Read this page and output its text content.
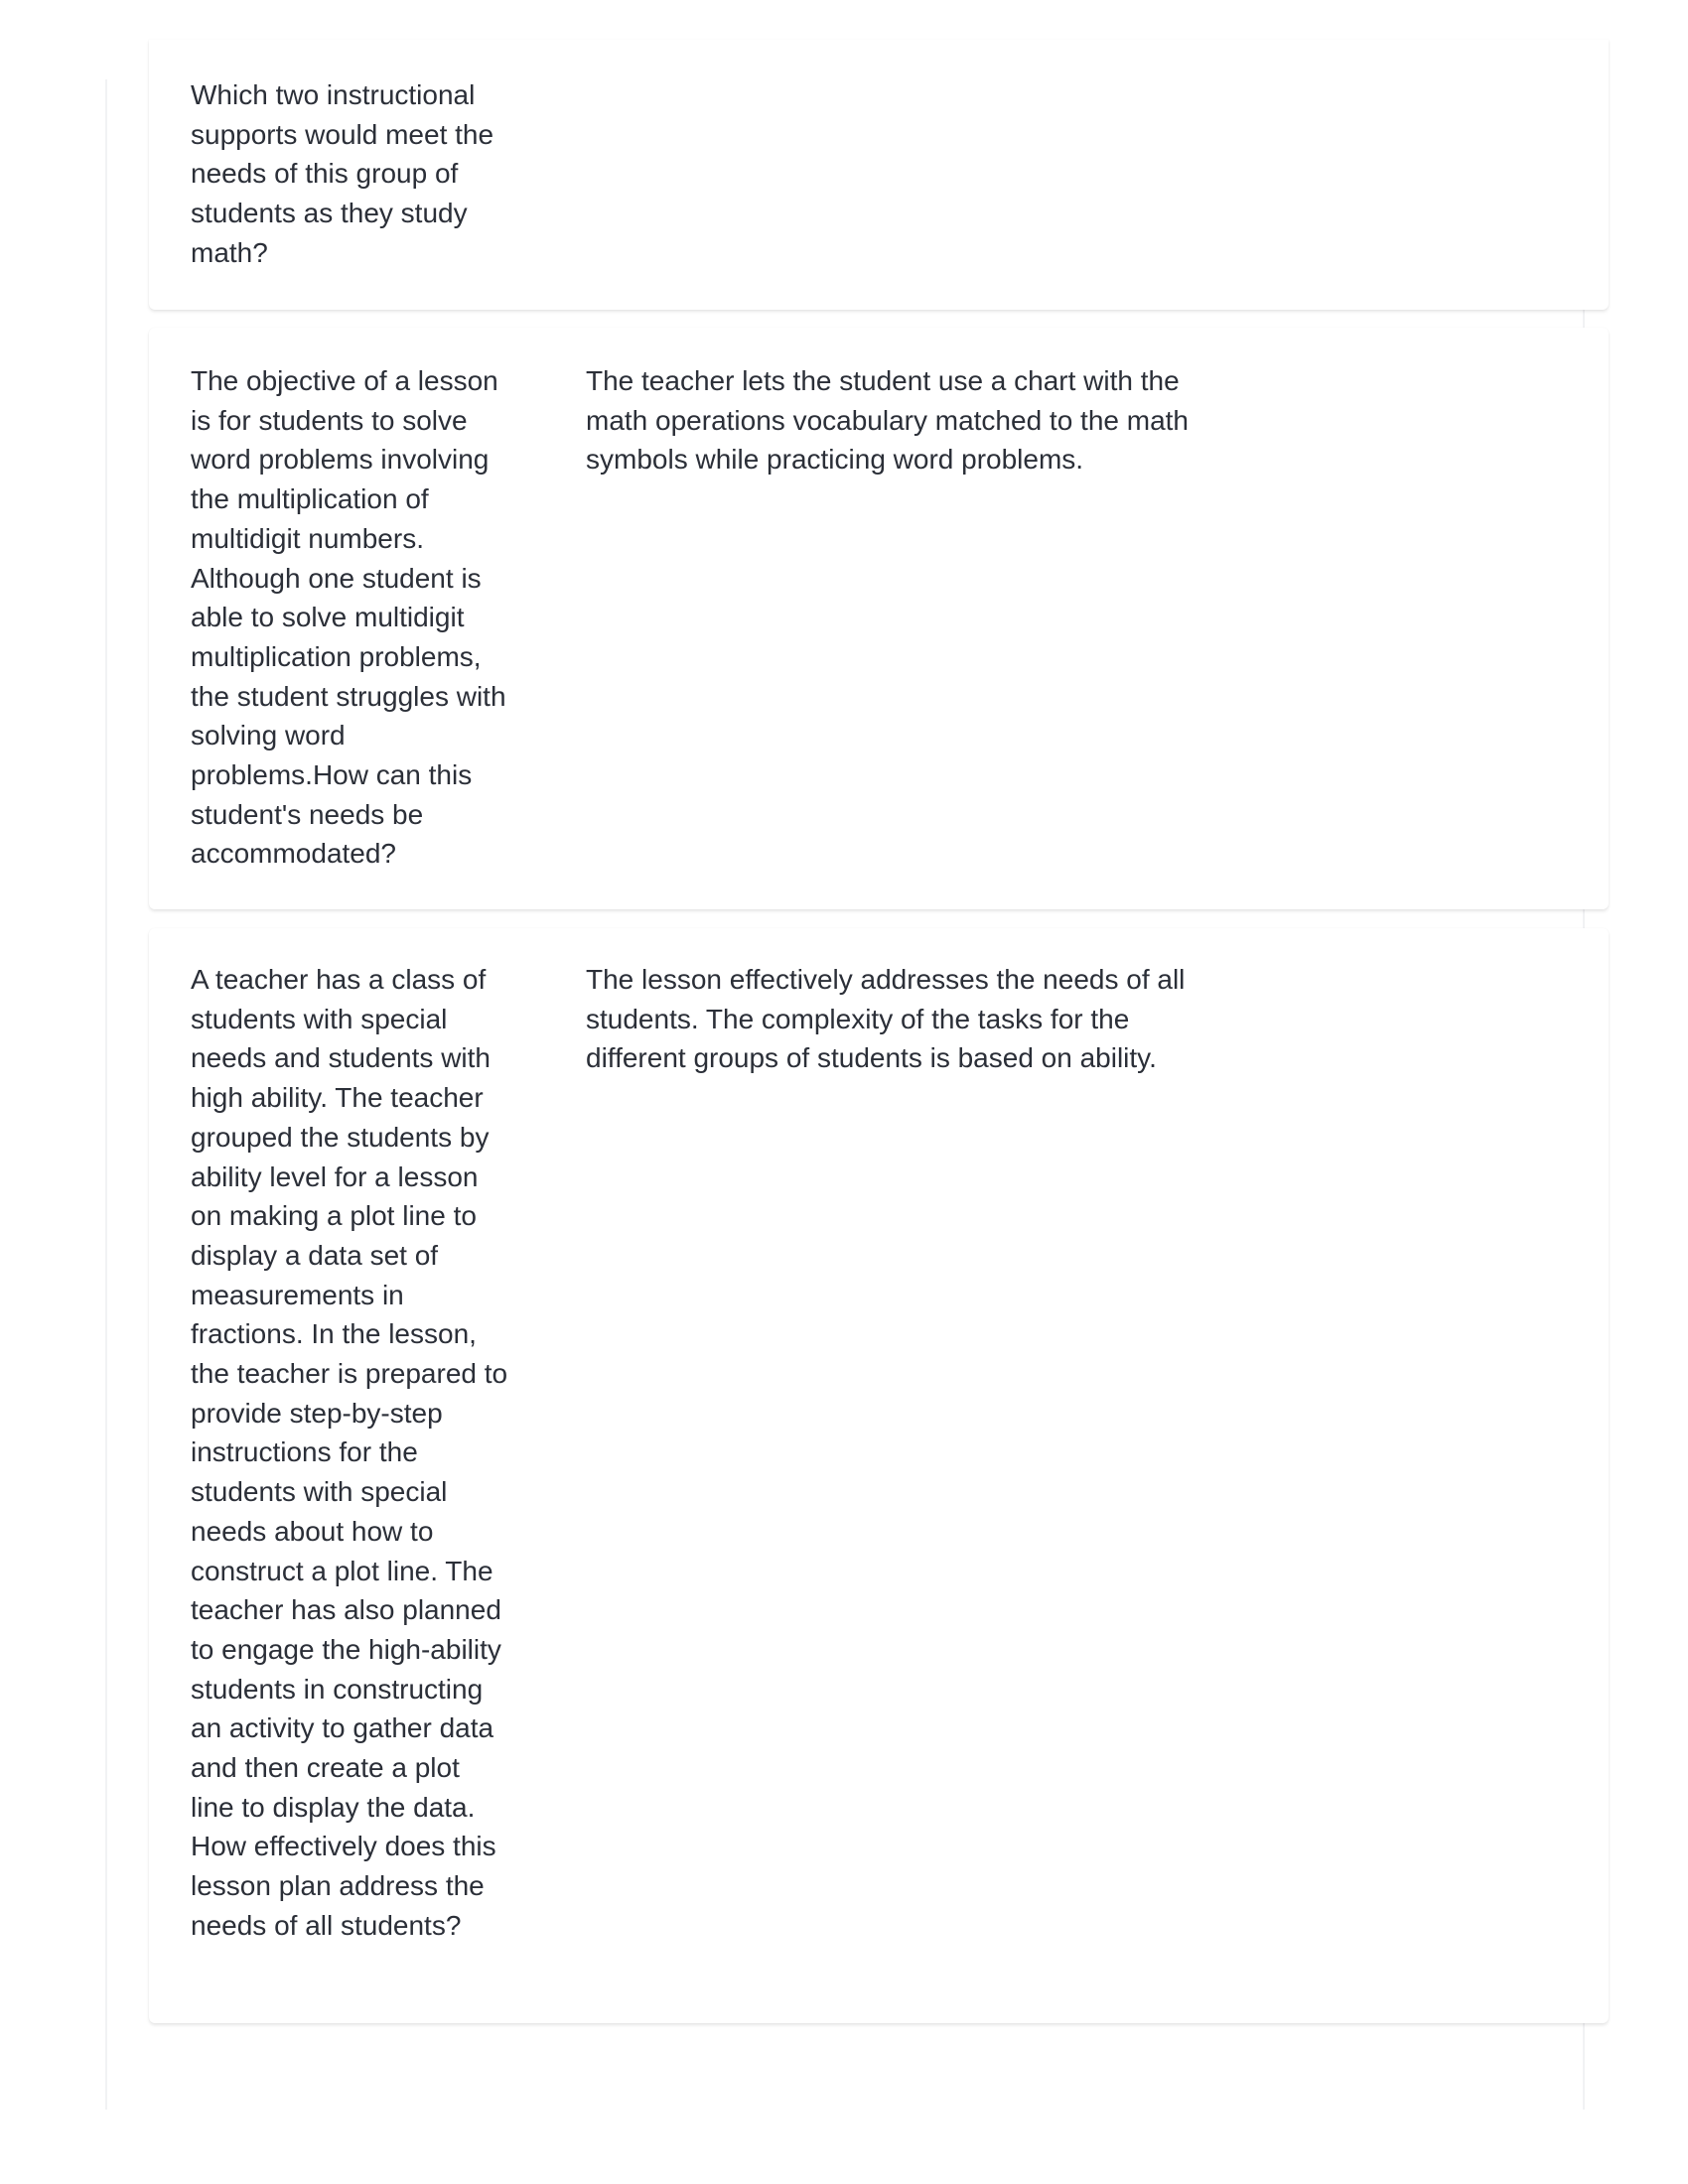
Which two instructional supports would meet the needs of this group of students as they study math?

The objective of a lesson is for students to solve word problems involving the multiplication of multidigit numbers. Although one student is able to solve multidigit multiplication problems, the student struggles with solving word problems.How can this student's needs be accommodated?

The teacher lets the student use a chart with the math operations vocabulary matched to the math symbols while practicing word problems.

A teacher has a class of students with special needs and students with high ability. The teacher grouped the students by ability level for a lesson on making a plot line to display a data set of measurements in fractions. In the lesson, the teacher is prepared to provide step-by-step instructions for the students with special needs about how to construct a plot line. The teacher has also planned to engage the high-ability students in constructing an activity to gather data and then create a plot line to display the data. How effectively does this lesson plan address the needs of all students?

The lesson effectively addresses the needs of all students. The complexity of the tasks for the different groups of students is based on ability.
